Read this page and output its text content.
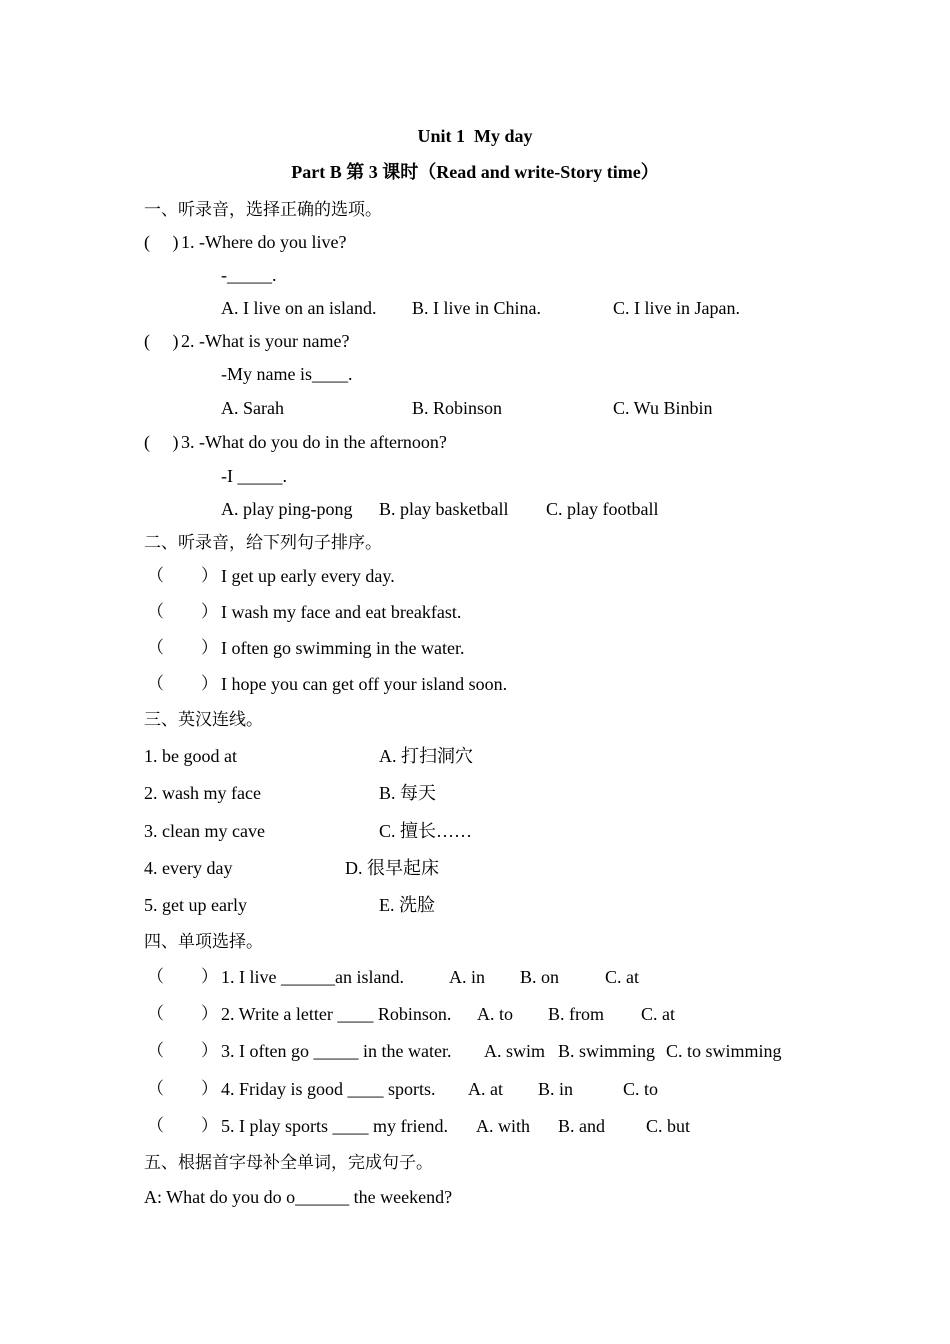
Unit 1  My day
Part B 第 3 课时（Read and write-Story time）
一、听录音，选择正确的选项。
(     ) 1. -Where do you live?
-_____.
A. I live on an island. B. I live in China.	C. I live in Japan.
(     ) 2. -What is your name?
-My name is____.
A. Sarah	B. Robinson	C. Wu Binbin
(     ) 3. -What do you do in the afternoon?
-I _____.
A. play ping-pong B. play basketball C. play football
二、听录音，给下列句子排序。
（ ） I get up early every day.
（ ） I wash my face and eat breakfast.
（ ） I often go swimming in the water.
（ ） I hope you can get off your island soon.
三、英汉连线。
1. be good at	A. 打扫洞穴
2. wash my face	B. 每天
3. clean my cave	C. 擅长……
4. every day	D. 很早起床
5. get up early	E. 洗脸
四、单项选择。
（ ） 1. I live ______an island.	A. in B. on	C. at
（ ） 2. Write a letter ____ Robinson. A. to B. from C. at
（ ） 3. I often go _____ in the water. A. swim B. swimming C. to swimming
（ ） 4. Friday is good ____ sports. A. at B. in	C. to
（ ） 5. I play sports ____ my friend. A. with B. and C. but
五、根据首字母补全单词，完成句子。
A: What do you do o______ the weekend?
